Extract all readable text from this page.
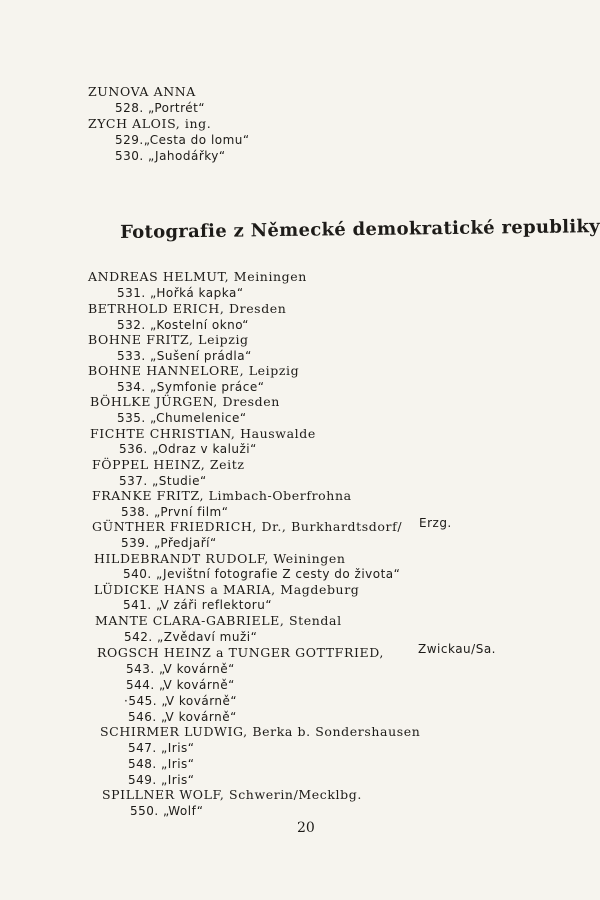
ZUNOVA ANNA
528. „Portrét“
ZYCH ALOIS, ing.
529.„Cesta do lomu“
530. „Jahodářky“
Fotografie z Německé demokratické republiky
ANDREAS HELMUT, Meiningen
531. „Hořká kapka“
BETRHOLD ERICH, Dresden
532. „Kostelní okno“
BOHNE FRITZ, Leipzig
533. „Sušení prádla“
BOHNE HANNELORE, Leipzig
534. „Symfonie práce“
BÖHLKE JÜRGEN, Dresden
535. „Chumelenice“
FICHTE CHRISTIAN, Hauswalde
536. „Odraz v kaluži“
FÖPPEL HEINZ, Zeitz
537. „Studie“
FRANKE FRITZ, Limbach-Oberfrohna
538. „První film“
GÜNTHER FRIEDRICH, Dr., Burkhardtsdorf/ Erzg.
539. „Předjaří“
HILDEBRANDT RUDOLF, Weiningen
540. „Jevištní fotografie Z cesty do života“
LÜDICKE HANS a MARIA, Magdeburg
541. „V záři reflektoru“
MANTE CLARA-GABRIELE, Stendal
542. „Zvědaví muži“
ROGSCH HEINZ a TUNGER GOTTFRIED,	Zwickau/Sa.
543. „V kovárně“
544. „V kovárně“
·545. „V kovárně“
546. „V kovárně“
SCHIRMER LUDWIG, Berka b. Sondershausen
547. „Iris“
548. „Iris“
549. „Iris“
SPILLNER WOLF, Schwerin/Mecklbg.
550. „Wolf“
20
